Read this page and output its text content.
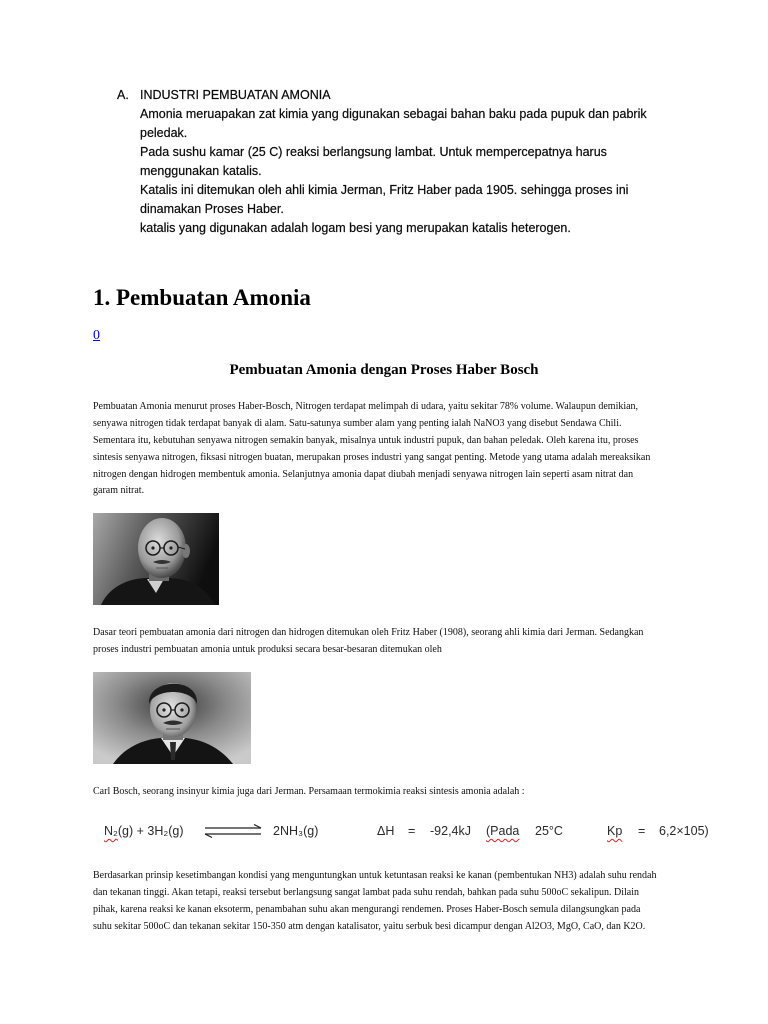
A. INDUSTRI PEMBUATAN AMONIA
Amonia meruapakan zat kimia yang digunakan sebagai bahan baku pada pupuk dan pabrik
peledak.
Pada sushu kamar (25 C) reaksi berlangsung lambat. Untuk mempercepatnya harus
menggunakan katalis.
Katalis ini ditemukan oleh ahli kimia Jerman, Fritz Haber pada 1905. sehingga proses ini
dinamakan Proses Haber.
katalis yang digunakan adalah logam besi yang merupakan katalis heterogen.
1. Pembuatan Amonia
0
Pembuatan Amonia dengan Proses Haber Bosch
Pembuatan Amonia menurut proses Haber-Bosch, Nitrogen terdapat melimpah di udara, yaitu sekitar 78% volume. Walaupun demikian,
senyawa nitrogen tidak terdapat banyak di alam. Satu-satunya sumber alam yang penting ialah NaNO3 yang disebut Sendawa Chili.
Sementara itu, kebutuhan senyawa nitrogen semakin banyak, misalnya untuk industri pupuk, dan bahan peledak. Oleh karena itu, proses
sintesis senyawa nitrogen, fiksasi nitrogen buatan, merupakan proses industri yang sangat penting. Metode yang utama adalah mereaksikan
nitrogen dengan hidrogen membentuk amonia. Selanjutnya amonia dapat diubah menjadi senyawa nitrogen lain seperti asam nitrat dan
garam nitrat.
Dasar teori pembuatan amonia dari nitrogen dan hidrogen ditemukan oleh Fritz Haber (1908), seorang ahli kimia dari Jerman. Sedangkan
proses industri pembuatan amonia untuk produksi secara besar-besaran ditemukan oleh
Carl Bosch, seorang insinyur kimia juga dari Jerman. Persamaan termokimia reaksi sintesis amonia adalah :
N₂(g) + 3H₂(g) ⇌ 2NH₃(g)	ΔH = -92,4kJ (Pada 25°C	Kp = 6,2×105)
Berdasarkan prinsip kesetimbangan kondisi yang menguntungkan untuk ketuntasan reaksi ke kanan (pembentukan NH3) adalah suhu rendah
dan tekanan tinggi. Akan tetapi, reaksi tersebut berlangsung sangat lambat pada suhu rendah, bahkan pada suhu 500oC sekalipun. Dilain
pihak, karena reaksi ke kanan eksoterm, penambahan suhu akan mengurangi rendemen. Proses Haber-Bosch semula dilangsungkan pada
suhu sekitar 500oC dan tekanan sekitar 150-350 atm dengan katalisator, yaitu serbuk besi dicampur dengan Al2O3, MgO, CaO, dan K2O.
